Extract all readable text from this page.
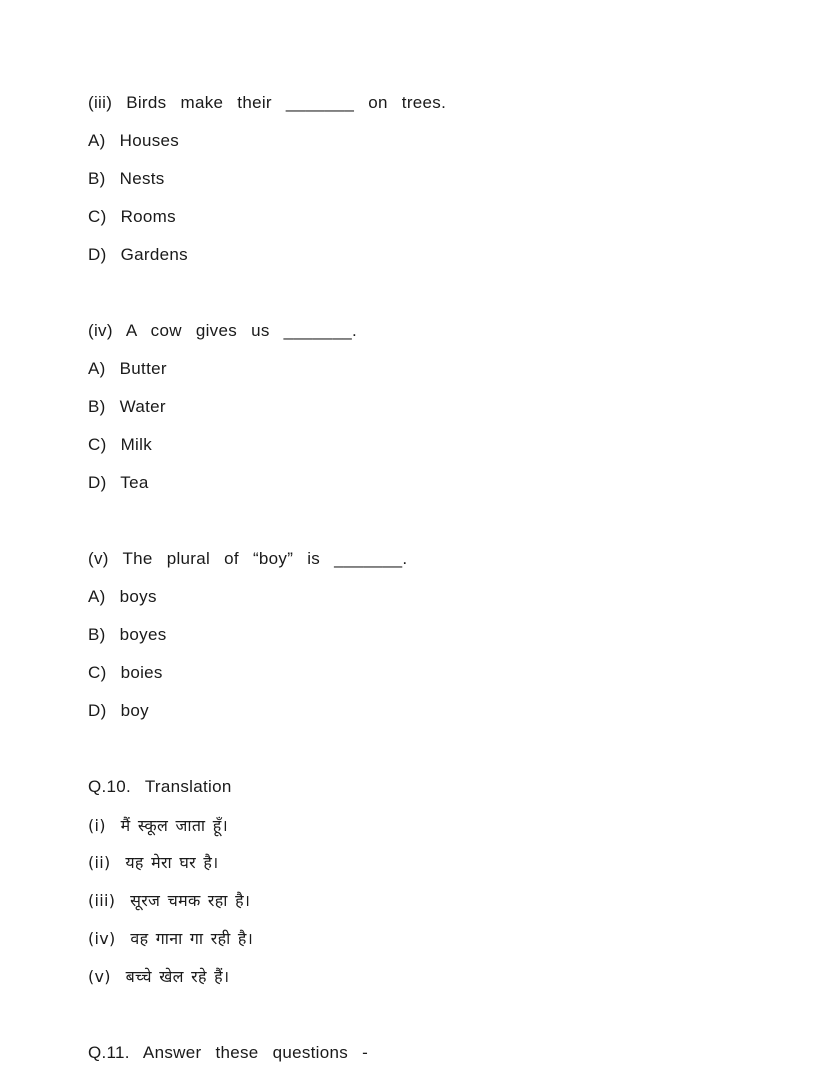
(iii)  Birds  make  their  _______  on  trees.
A)  Houses
B)  Nests
C)  Rooms
D)  Gardens
(iv)  A  cow  gives  us  _______.
A)  Butter
B)  Water
C)  Milk
D)  Tea
(v)  The  plural  of  “boy”  is  _______.
A)  boys
B)  boyes
C)  boies
D)  boy
Q.10.  Translation
(i)  मैं स्कूल जाता हूँ।
(ii)  यह मेरा घर है।
(iii)  सूरज चमक रहा है।
(iv)  वह गाना गा रही है।
(v)  बच्चे खेल रहे हैं।
Q.11.  Answer  these  questions  -
